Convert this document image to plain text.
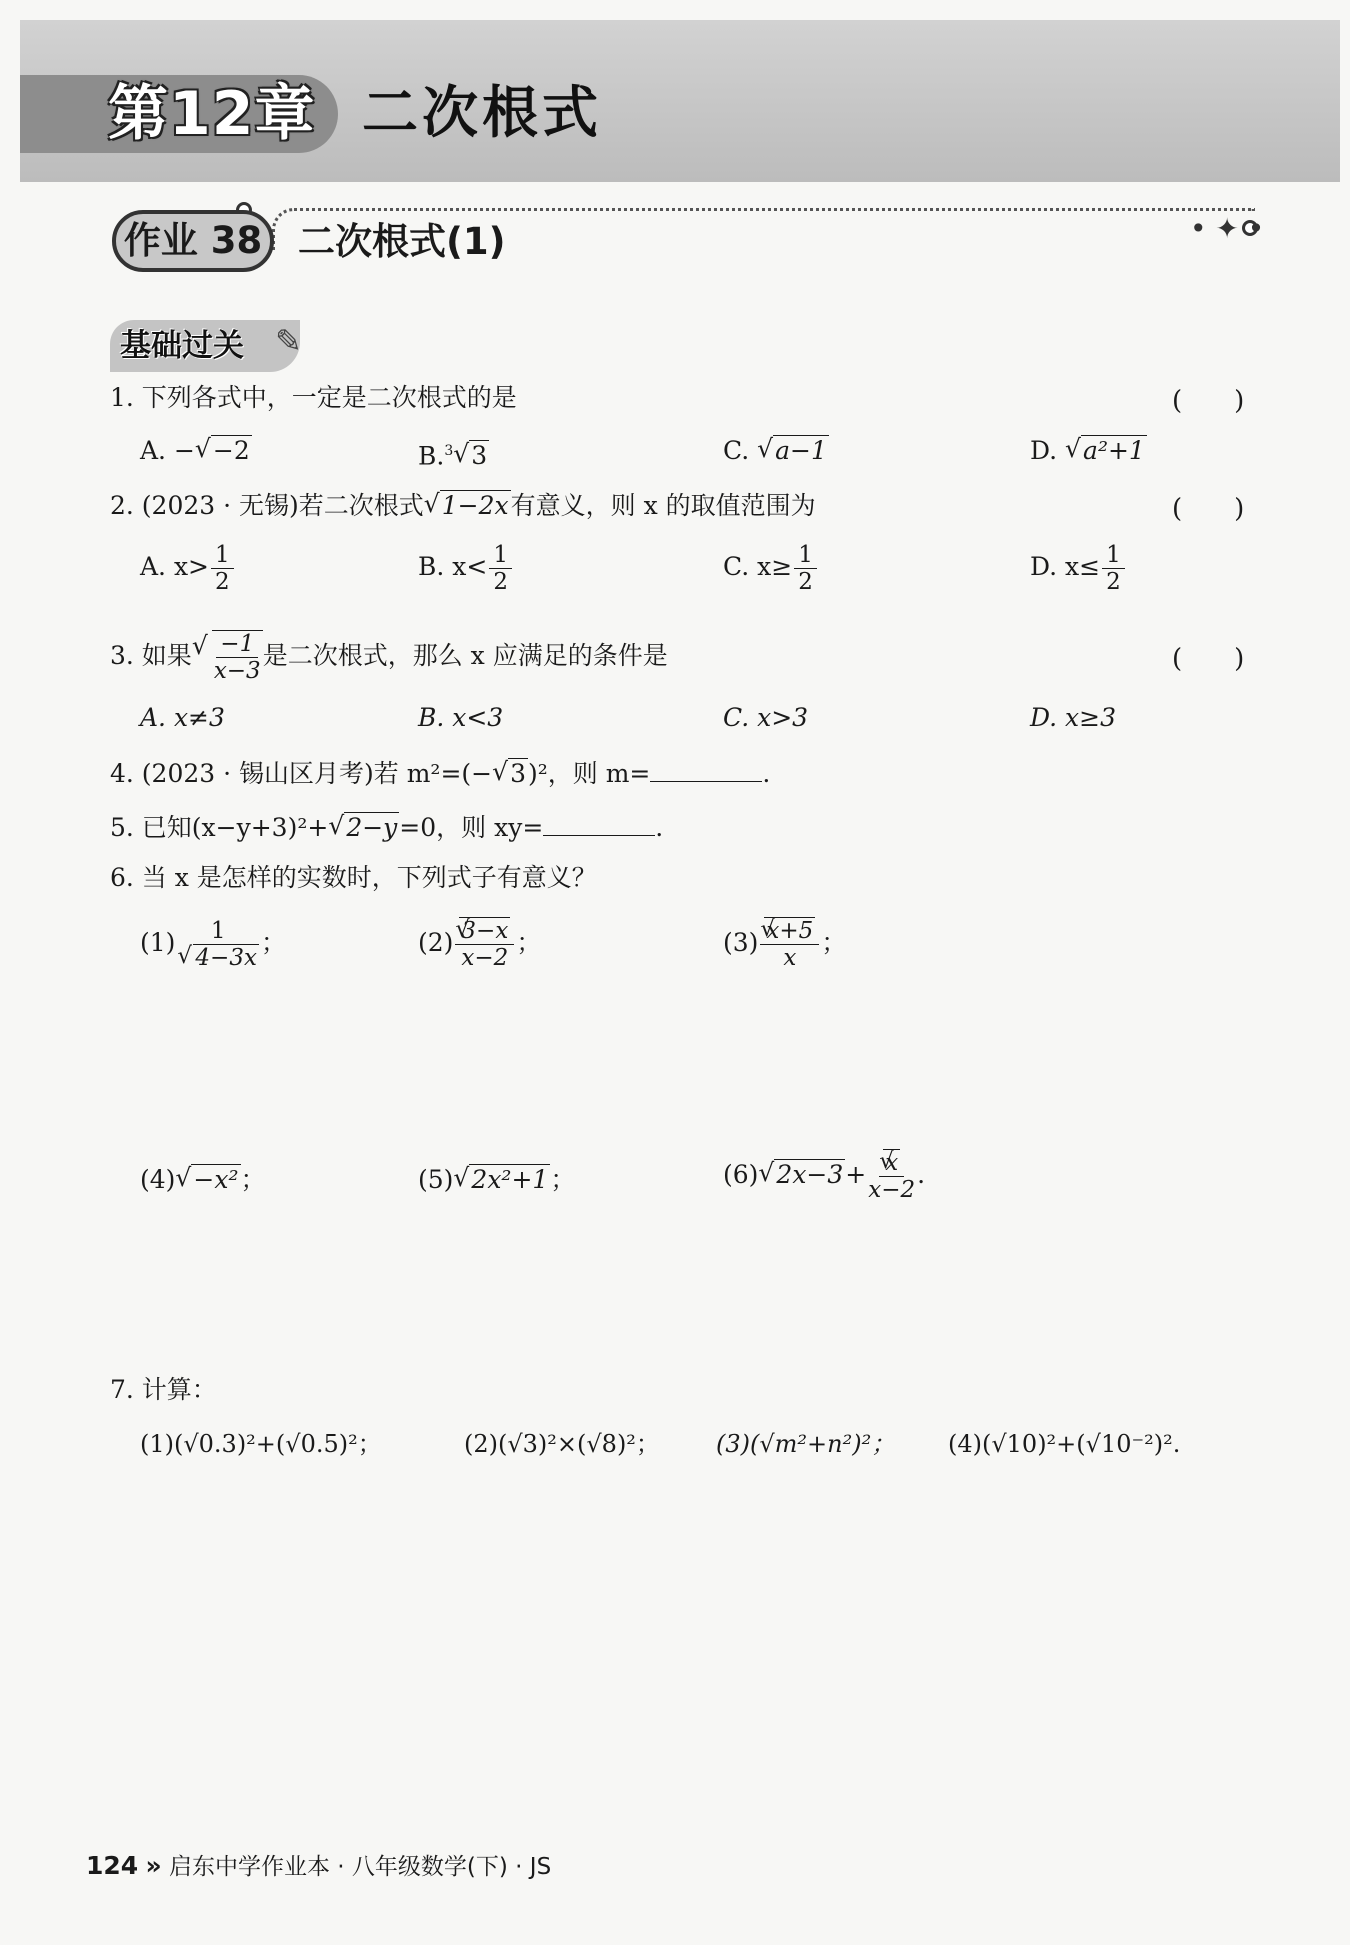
第12章 二次根式
• ✦ •
作业 38 二次根式(1)
基础过关 ✎
1. 下列各式中，一定是二次根式的是	(　　)
A. − √ −2	B.$^3$ √ 3	C. √ a−1	D. √ a²+1
2. (2023 · 无锡)若二次根式 √ 1−2x有意义，则 x 的取值范围为	(　　)
A. $x> \frac{1}{2}$	B. $x< \frac{1}{2}$	C. $x\ge \frac{1}{2}$	D. $x\le \frac{1}{2}$
3. 如果 √ $\frac{-1}{x-3}$ 是二次根式，那么 x 应满足的条件是	(　　)
A. x≠3	B. x<3	C. x>3	D. x≥3
4. (2023 · 锡山区月考)若 m²=(− √ 3)²，则 m=	.
5. 已知(x−y+3)²+ √ 2−y=0，则 xy=	.
6. 当 x 是怎样的实数时，下列式子有意义？
(1) 1
√ 4−3x ；	(2) √ $\frac{3-x}{x-2}$ ；	(3) √ $\frac{x+5}{x}$ ；
(4) √ −x²；	(5) √ 2x²+1；	(6) √ 2x−3+ √ $\frac{x}{x-2}$ .
7. 计算：
(1)(√0.3)²+(√0.5)²；	(2)(√3)²×(√8)²； (3)(√m²+n²)²； (4)(√10)²+(√10⁻²)².
124 » 启东中学作业本 · 八年级数学(下) · JS
